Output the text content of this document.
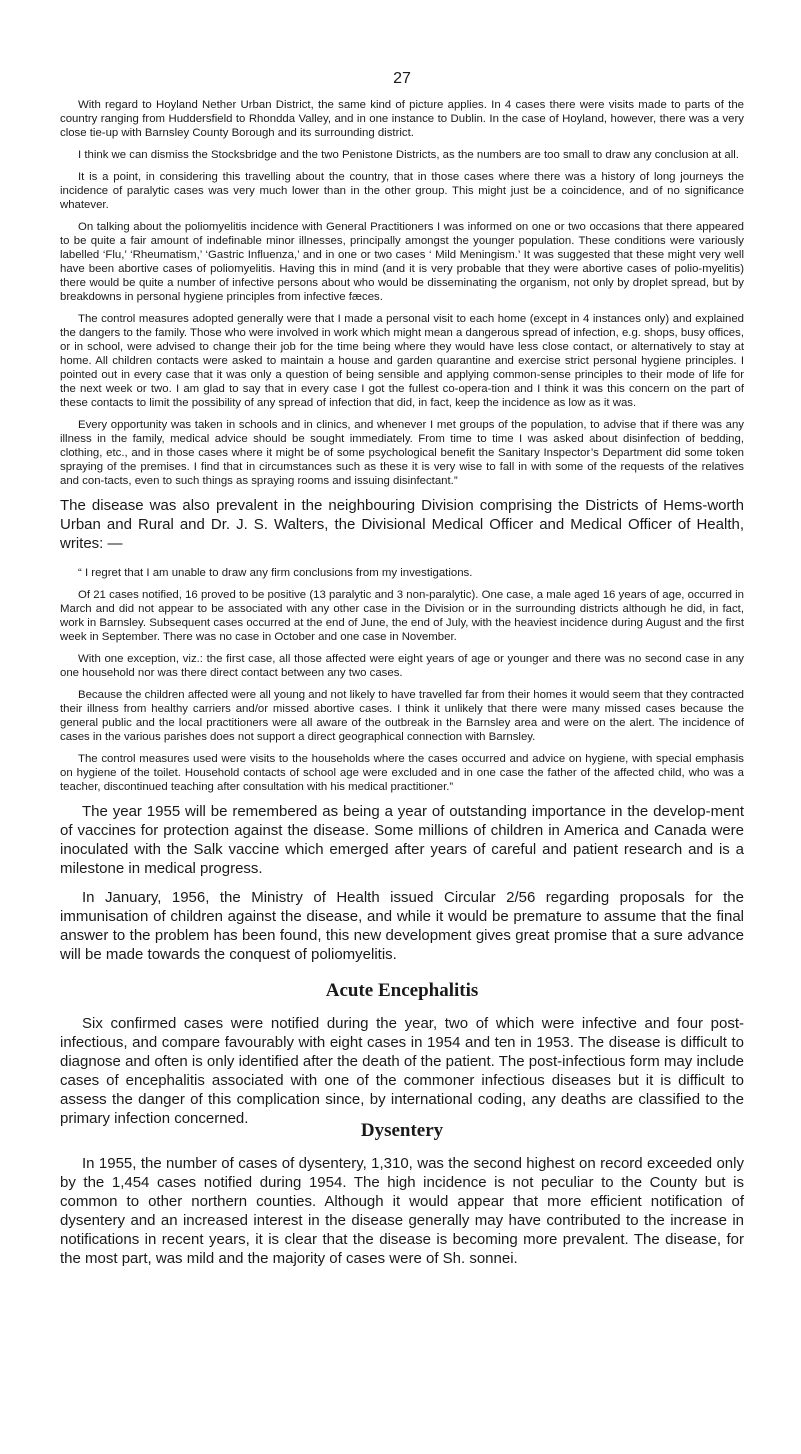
27

With regard to Hoyland Nether Urban District, the same kind of picture applies. In 4 cases there were visits made to parts of the country ranging from Huddersfield to Rhondda Valley, and in one instance to Dublin. In the case of Hoyland, however, there was a very close tie-up with Barnsley County Borough and its surrounding district.

I think we can dismiss the Stocksbridge and the two Penistone Districts, as the numbers are too small to draw any conclusion at all.

It is a point, in considering this travelling about the country, that in those cases where there was a history of long journeys the incidence of paralytic cases was very much lower than in the other group. This might just be a coincidence, and of no significance whatever.

On talking about the poliomyelitis incidence with General Practitioners I was informed on one or two occasions that there appeared to be quite a fair amount of indefinable minor illnesses, principally amongst the younger population. These conditions were variously labelled ‘Flu,’ ‘Rheumatism,’ ‘Gastric Influenza,’ and in one or two cases ‘ Mild Meningism.’ It was suggested that these might very well have been abortive cases of poliomyelitis. Having this in mind (and it is very probable that they were abortive cases of polio-myelitis) there would be quite a number of infective persons about who would be disseminating the organism, not only by droplet spread, but by breakdowns in personal hygiene principles from infective fæces.

The control measures adopted generally were that I made a personal visit to each home (except in 4 instances only) and explained the dangers to the family. Those who were involved in work which might mean a dangerous spread of infection, e.g. shops, busy offices, or in school, were advised to change their job for the time being where they would have less close contact, or alternatively to stay at home. All children contacts were asked to maintain a house and garden quarantine and exercise strict personal hygiene principles. I pointed out in every case that it was only a question of being sensible and applying common-sense principles to their mode of life for the next week or two. I am glad to say that in every case I got the fullest co-opera-tion and I think it was this concern on the part of these contacts to limit the possibility of any spread of infection that did, in fact, keep the incidence as low as it was.

Every opportunity was taken in schools and in clinics, and whenever I met groups of the population, to advise that if there was any illness in the family, medical advice should be sought immediately. From time to time I was asked about disinfection of bedding, clothing, etc., and in those cases where it might be of some psychological benefit the Sanitary Inspector’s Department did some token spraying of the premises. I find that in circumstances such as these it is very wise to fall in with some of the requests of the relatives and con-tacts, even to such things as spraying rooms and issuing disinfectant.”

The disease was also prevalent in the neighbouring Division comprising the Districts of Hems-worth Urban and Rural and Dr. J. S. Walters, the Divisional Medical Officer and Medical Officer of Health, writes: —

“ I regret that I am unable to draw any firm conclusions from my investigations.

Of 21 cases notified, 16 proved to be positive (13 paralytic and 3 non-paralytic). One case, a male aged 16 years of age, occurred in March and did not appear to be associated with any other case in the Division or in the surrounding districts although he did, in fact, work in Barnsley. Subsequent cases occurred at the end of June, the end of July, with the heaviest incidence during August and the first week in September. There was no case in October and one case in November.

With one exception, viz.: the first case, all those affected were eight years of age or younger and there was no second case in any one household nor was there direct contact between any two cases.

Because the children affected were all young and not likely to have travelled far from their homes it would seem that they contracted their illness from healthy carriers and/or missed abortive cases. I think it unlikely that there were many missed cases because the general public and the local practitioners were all aware of the outbreak in the Barnsley area and were on the alert. The incidence of cases in the various parishes does not support a direct geographical connection with Barnsley.

The control measures used were visits to the households where the cases occurred and advice on hygiene, with special emphasis on hygiene of the toilet. Household contacts of school age were excluded and in one case the father of the affected child, who was a teacher, discontinued teaching after consultation with his medical practitioner.”

The year 1955 will be remembered as being a year of outstanding importance in the develop-ment of vaccines for protection against the disease. Some millions of children in America and Canada were inoculated with the Salk vaccine which emerged after years of careful and patient research and is a milestone in medical progress.

In January, 1956, the Ministry of Health issued Circular 2/56 regarding proposals for the immunisation of children against the disease, and while it would be premature to assume that the final answer to the problem has been found, this new development gives great promise that a sure advance will be made towards the conquest of poliomyelitis.

Acute Encephalitis

Six confirmed cases were notified during the year, two of which were infective and four post-infectious, and compare favourably with eight cases in 1954 and ten in 1953. The disease is difficult to diagnose and often is only identified after the death of the patient. The post-infectious form may include cases of encephalitis associated with one of the commoner infectious diseases but it is difficult to assess the danger of this complication since, by international coding, any deaths are classified to the primary infection concerned.

Dysentery

In 1955, the number of cases of dysentery, 1,310, was the second highest on record exceeded only by the 1,454 cases notified during 1954. The high incidence is not peculiar to the County but is common to other northern counties. Although it would appear that more efficient notification of dysentery and an increased interest in the disease generally may have contributed to the increase in notifications in recent years, it is clear that the disease is becoming more prevalent. The disease, for the most part, was mild and the majority of cases were of Sh. sonnei.
